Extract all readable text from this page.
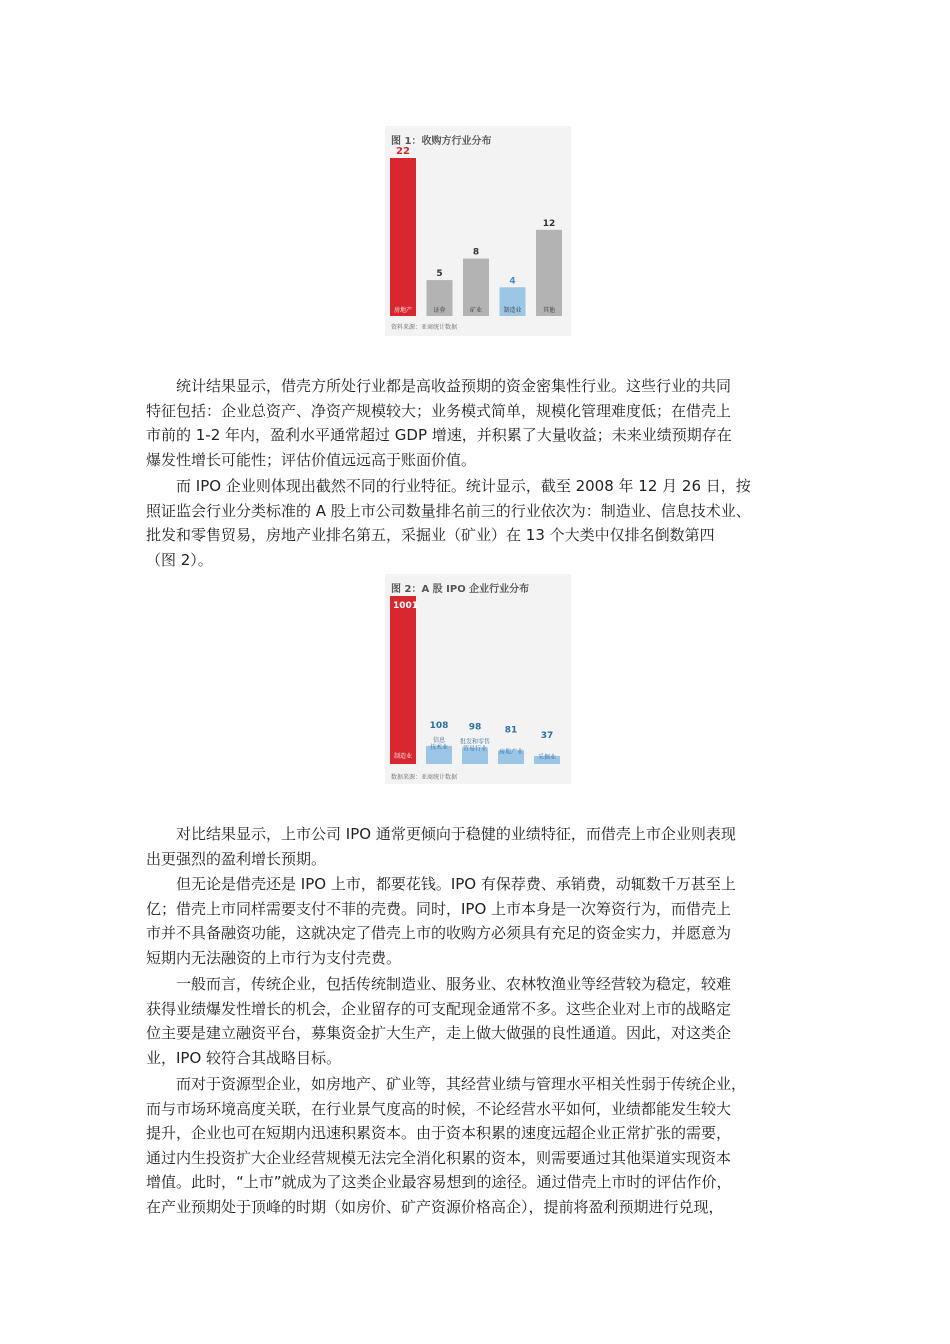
图 1：收购方行业分布
22
房地产
5
证券
8
矿业
4
制造业
12
其他
资料来源：亚商统计数据
图 2：A 股 IPO 企业行业分布
1001
制造业
108
信息
技术业
98
批发和零售
贸易行业
81
房地产业
37
采掘业
数据来源：亚商统计数据
　　统计结果显示，借壳方所处行业都是高收益预期的资金密集性行业。这些行业的共同
特征包括：企业总资产、净资产规模较大；业务模式简单，规模化管理难度低；在借壳上
市前的 1-2 年内，盈利水平通常超过 GDP 增速，并积累了大量收益；未来业绩预期存在
爆发性增长可能性；评估价值远远高于账面价值。
　　而 IPO 企业则体现出截然不同的行业特征。统计显示，截至 2008 年 12 月 26 日，按
照证监会行业分类标准的 A 股上市公司数量排名前三的行业依次为：制造业、信息技术业、
批发和零售贸易，房地产业排名第五，采掘业（矿业）在 13 个大类中仅排名倒数第四
（图 2）。
　　对比结果显示，上市公司 IPO 通常更倾向于稳健的业绩特征，而借壳上市企业则表现
出更强烈的盈利增长预期。
　　但无论是借壳还是 IPO 上市，都要花钱。IPO 有保荐费、承销费，动辄数千万甚至上
亿；借壳上市同样需要支付不菲的壳费。同时，IPO 上市本身是一次筹资行为，而借壳上
市并不具备融资功能，这就决定了借壳上市的收购方必须具有充足的资金实力，并愿意为
短期内无法融资的上市行为支付壳费。
　　一般而言，传统企业，包括传统制造业、服务业、农林牧渔业等经营较为稳定，较难
获得业绩爆发性增长的机会，企业留存的可支配现金通常不多。这些企业对上市的战略定
位主要是建立融资平台，募集资金扩大生产，走上做大做强的良性通道。因此，对这类企
业，IPO 较符合其战略目标。
　　而对于资源型企业，如房地产、矿业等，其经营业绩与管理水平相关性弱于传统企业，
而与市场环境高度关联，在行业景气度高的时候，不论经营水平如何，业绩都能发生较大
提升，企业也可在短期内迅速积累资本。由于资本积累的速度远超企业正常扩张的需要，
通过内生投资扩大企业经营规模无法完全消化积累的资本，则需要通过其他渠道实现资本
增值。此时，“上市”就成为了这类企业最容易想到的途径。通过借壳上市时的评估作价，
在产业预期处于顶峰的时期（如房价、矿产资源价格高企），提前将盈利预期进行兑现，
